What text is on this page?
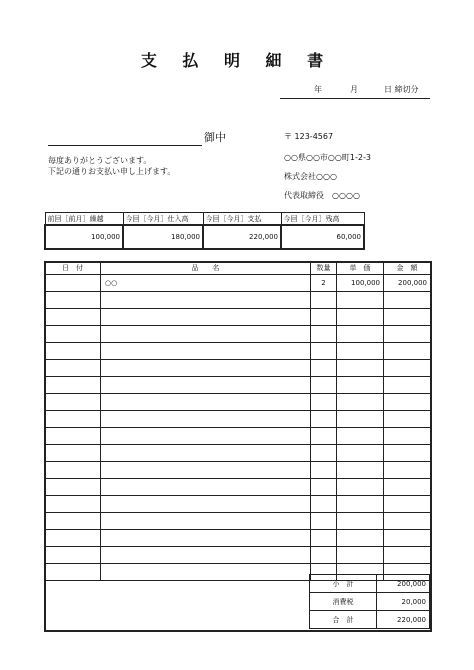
支 払 明 細 書
年	月	日 締切分
御中
毎度ありがとうございます。
下記の通りお支払い申し上げます。
〒 123-4567
○○県○○市○○町1-2-3
株式会社○○○
代表取締役　○○○○
前回［前月］繰越	今回［今月］仕入高	今回［今月］支払	今回［今月］残高
100,000	180,000	220,000	60,000
日　付	品　　名	数量	単　価	金　額
	○○	2	100,000	200,000

小　計	200,000
消費税	20,000
合　計	220,000
